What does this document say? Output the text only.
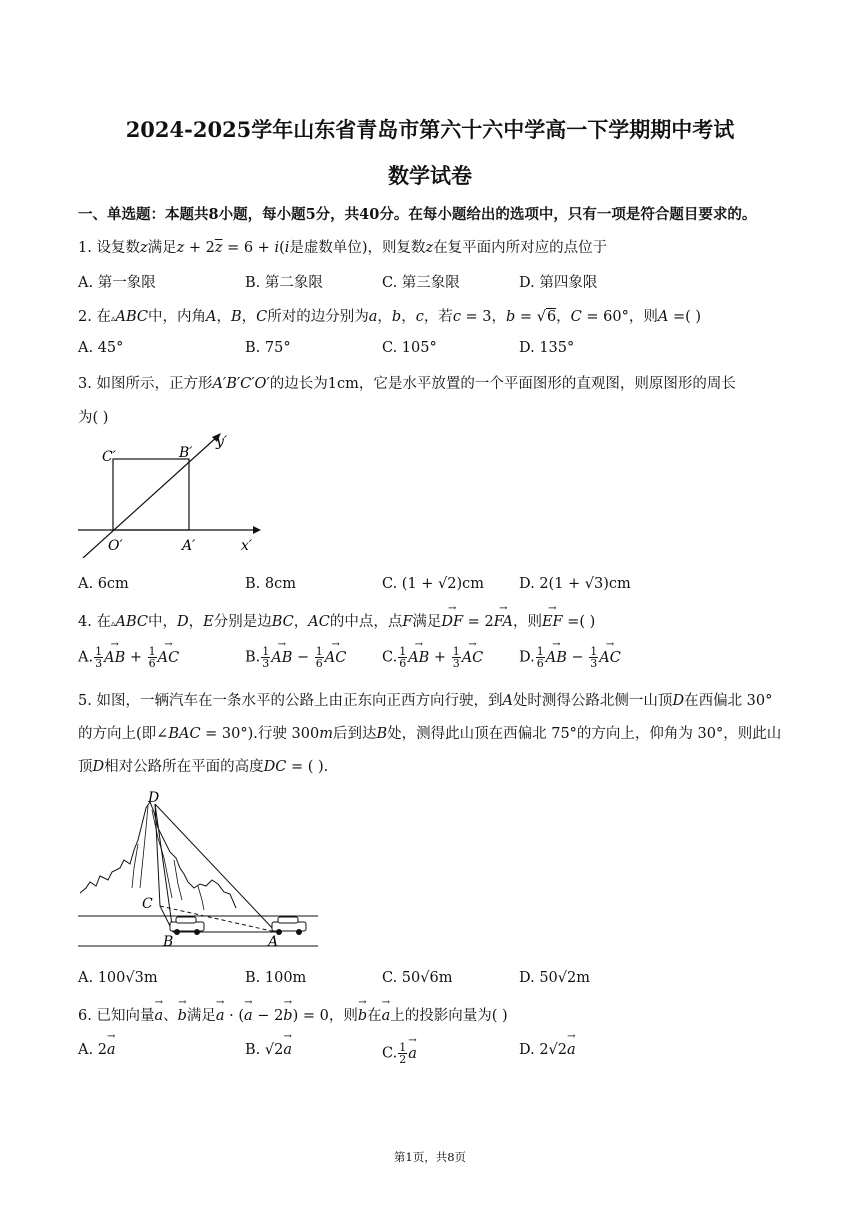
2024-2025学年山东省青岛市第六十六中学高一下学期期中考试
数学试卷
一、单选题：本题共8小题，每小题5分，共40分。在每小题给出的选项中，只有一项是符合题目要求的。
1. 设复数z满足$z + 2\overline{z} = 6 + i(i$是虚数单位)，则复数z在复平面内所对应的点位于
A. 第一象限	B. 第二象限	C. 第三象限	D. 第四象限
2. 在▵ABC中，内角A，B，C所对的边分别为a，b，c，若c = 3，b = √6，C = 60°，则A =( )
A. 45°	B. 75°	C. 105°	D. 135°
3. 如图所示，正方形A′B′C′O′的边长为1cm，它是水平放置的一个平面图形的直观图，则原图形的周长
为( )
C′	B′
y′
O′	A′	x′
A. 6cm	B. 8cm	C. (1 + √2)cm D. 2(1 + √3)cm
4. 在▵ABC中，D，E分别是边BC，AC的中点，点F满足→ DF = 2→ FA，则→ EF =( )
A. $\frac{1}{3}$ → AB + $\frac{1}{6}$ → AC	B. $\frac{1}{3}$ → AB − $\frac{1}{6}$ → AC C. $\frac{1}{6}$ → AB + $\frac{1}{3}$ → AC D. $\frac{1}{6}$ → AB − $\frac{1}{3}$ → AC
5. 如图，一辆汽车在一条水平的公路上由正东向正西方向行驶，到A处时测得公路北侧一山顶D在西偏北 30°
的方向上(即∠BAC = 30°).行驶 300m后到达B处，测得此山顶在西偏北 75°的方向上，仰角为 30°，则此山
顶D相对公路所在平面的高度DC = ( ).
D
C
B	A
A. 100√3m	B. 100m	C. 50√6m	D. 50√2m
6. 已知向量→ a、→ b满足→ a · (→ a − 2→ b) = 0，则→ b在→ a上的投影向量为( )
A. 2→ a	B. √2→ a	C. $\frac{1}{2} \to a$	D. 2√2→ a
第1页，共8页
